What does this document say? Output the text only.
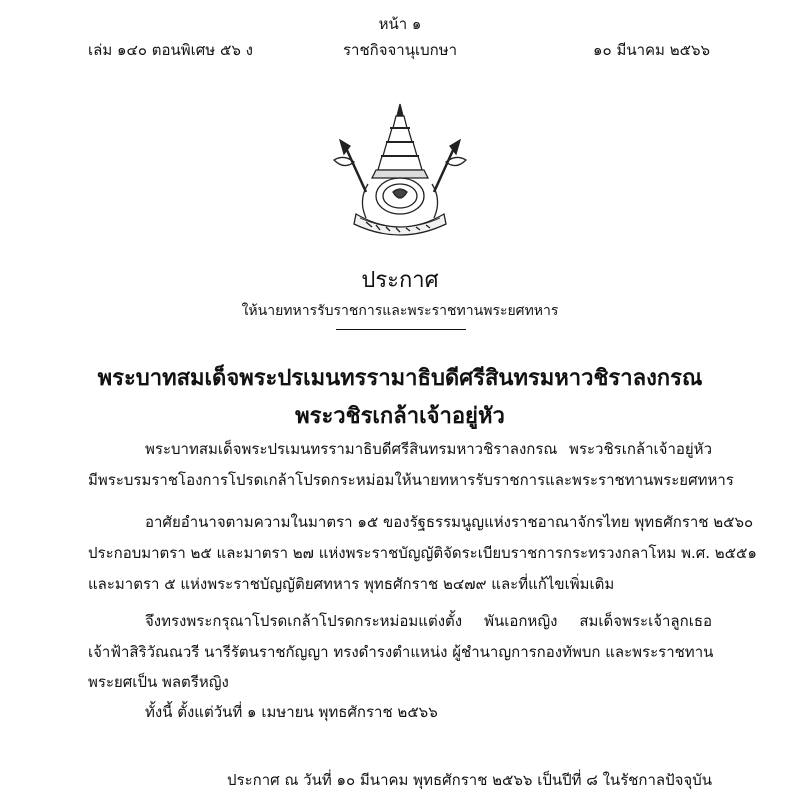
หน้า ๑
เล่ม ๑๔๐ ตอนพิเศษ ๕๖ ง	ราชกิจจานุเบกษา	๑๐ มีนาคม ๒๕๖๖
ประกาศ
ให้นายทหารรับราชการและพระราชทานพระยศทหาร
พระบาทสมเด็จพระปรเมนทรรามาธิบดีศรีสินทรมหาวชิราลงกรณ
พระวชิรเกล้าเจ้าอยู่หัว
พระบาทสมเด็จพระปรเมนทรรามาธิบดีศรีสินทรมหาวชิราลงกรณ พระวชิรเกล้าเจ้าอยู่หัว
มีพระบรมราชโองการโปรดเกล้าโปรดกระหม่อมให้นายทหารรับราชการและพระราชทานพระยศทหาร
อาศัยอำนาจตามความในมาตรา ๑๕ ของรัฐธรรมนูญแห่งราชอาณาจักรไทย พุทธศักราช ๒๕๖๐
ประกอบมาตรา ๒๕ และมาตรา ๒๗ แห่งพระราชบัญญัติจัดระเบียบราชการกระทรวงกลาโหม พ.ศ. ๒๕๕๑
และมาตรา ๕ แห่งพระราชบัญญัติยศทหาร พุทธศักราช ๒๔๗๙ และที่แก้ไขเพิ่มเติม
จึงทรงพระกรุณาโปรดเกล้าโปรดกระหม่อมแต่งตั้ง พันเอกหญิง สมเด็จพระเจ้าลูกเธอ
เจ้าฟ้าสิริวัณณวรี นารีรัตนราชกัญญา ทรงดำรงตำแหน่ง ผู้ชำนาญการกองทัพบก และพระราชทาน
พระยศเป็น พลตรีหญิง
ทั้งนี้ ตั้งแต่วันที่ ๑ เมษายน พุทธศักราช ๒๕๖๖
ประกาศ ณ วันที่ ๑๐ มีนาคม พุทธศักราช ๒๕๖๖ เป็นปีที่ ๘ ในรัชกาลปัจจุบัน
